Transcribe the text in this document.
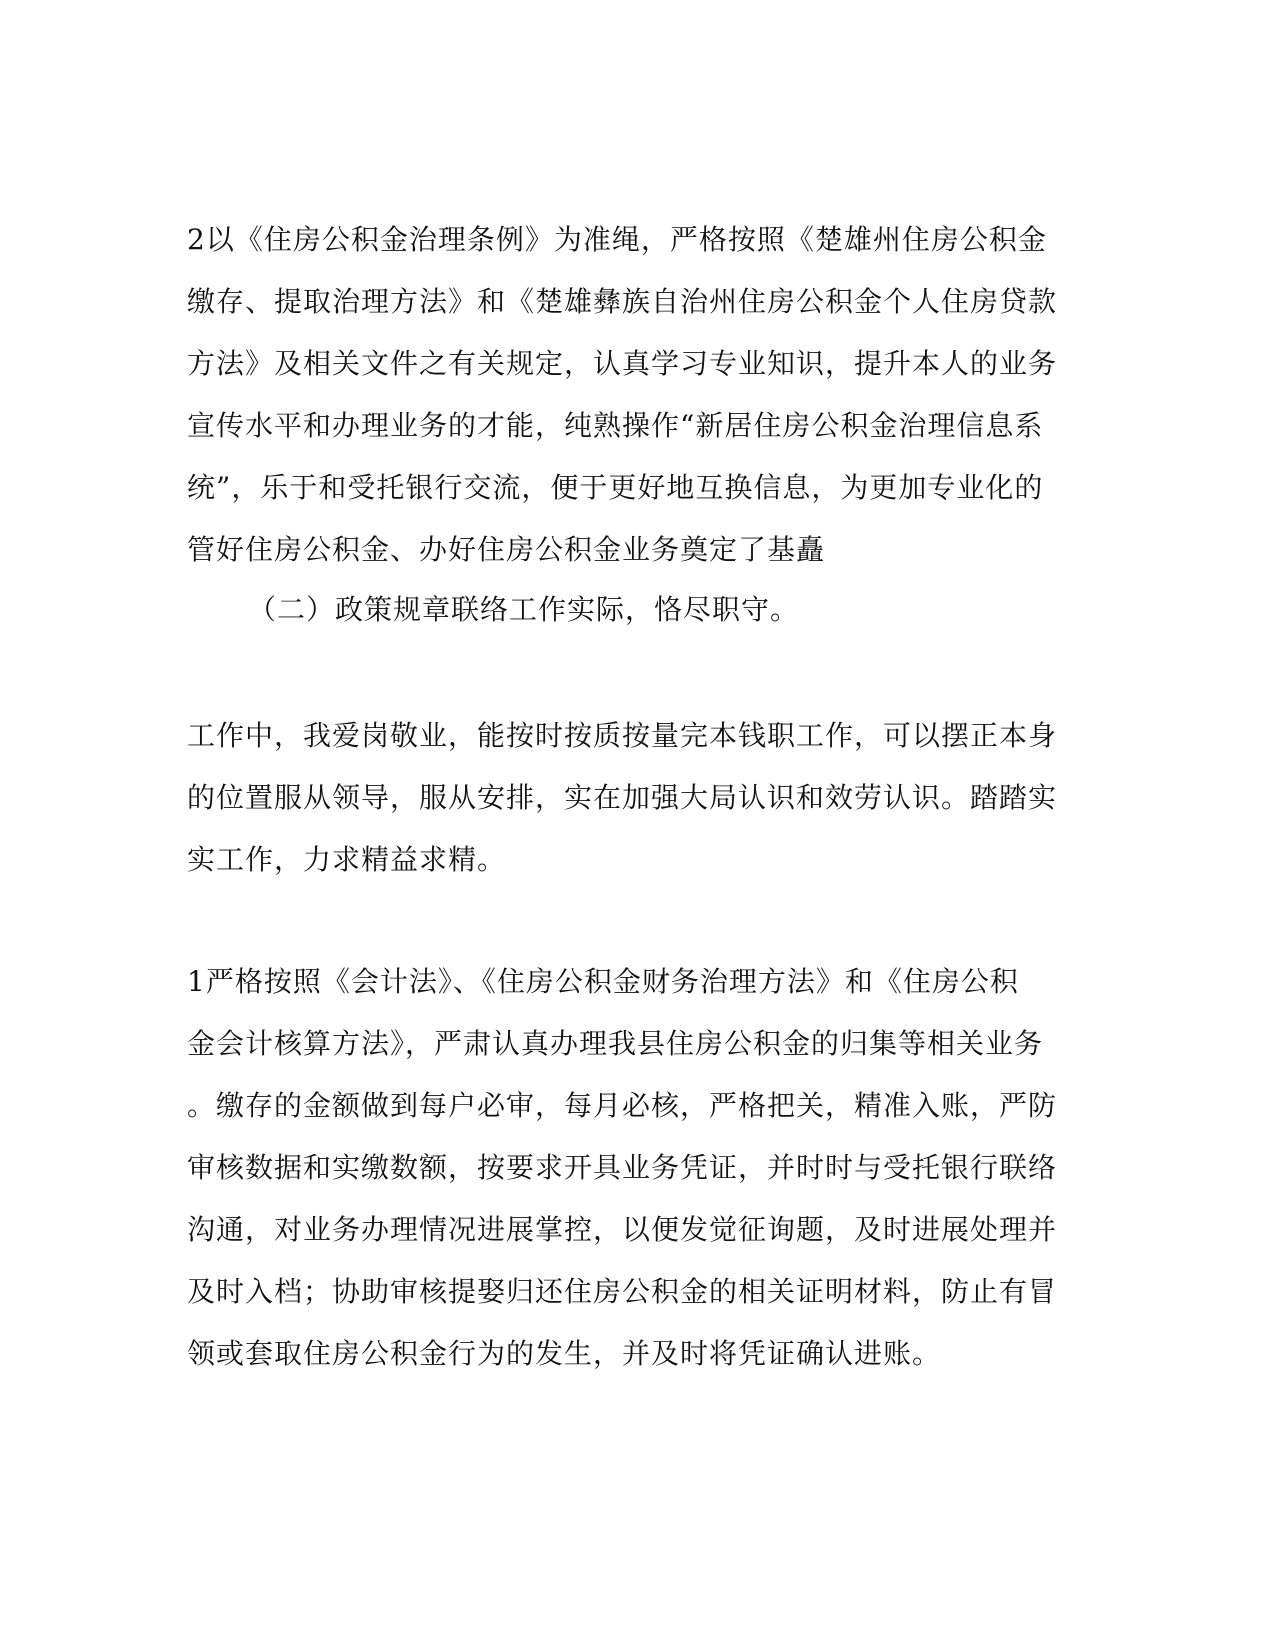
2以《住房公积金治理条例》为准绳，严格按照《楚雄州住房公积金
缴存、提取治理方法》和《楚雄彝族自治州住房公积金个人住房贷款
方法》及相关文件之有关规定，认真学习专业知识，提升本人的业务
宣传水平和办理业务的才能，纯熟操作“新居住房公积金治理信息系
统”，乐于和受托银行交流，便于更好地互换信息，为更加专业化的
管好住房公积金、办好住房公积金业务奠定了基矗
（二）政策规章联络工作实际，恪尽职守。
工作中，我爱岗敬业，能按时按质按量完本钱职工作，可以摆正本身
的位置服从领导，服从安排，实在加强大局认识和效劳认识。踏踏实
实工作，力求精益求精。
1严格按照《会计法》、《住房公积金财务治理方法》和《住房公积
金会计核算方法》，严肃认真办理我县住房公积金的归集等相关业务
。缴存的金额做到每户必审，每月必核，严格把关，精准入账，严防
审核数据和实缴数额，按要求开具业务凭证，并时时与受托银行联络
沟通，对业务办理情况进展掌控，以便发觉征询题，及时进展处理并
及时入档；协助审核提娶归还住房公积金的相关证明材料，防止有冒
领或套取住房公积金行为的发生，并及时将凭证确认进账。
